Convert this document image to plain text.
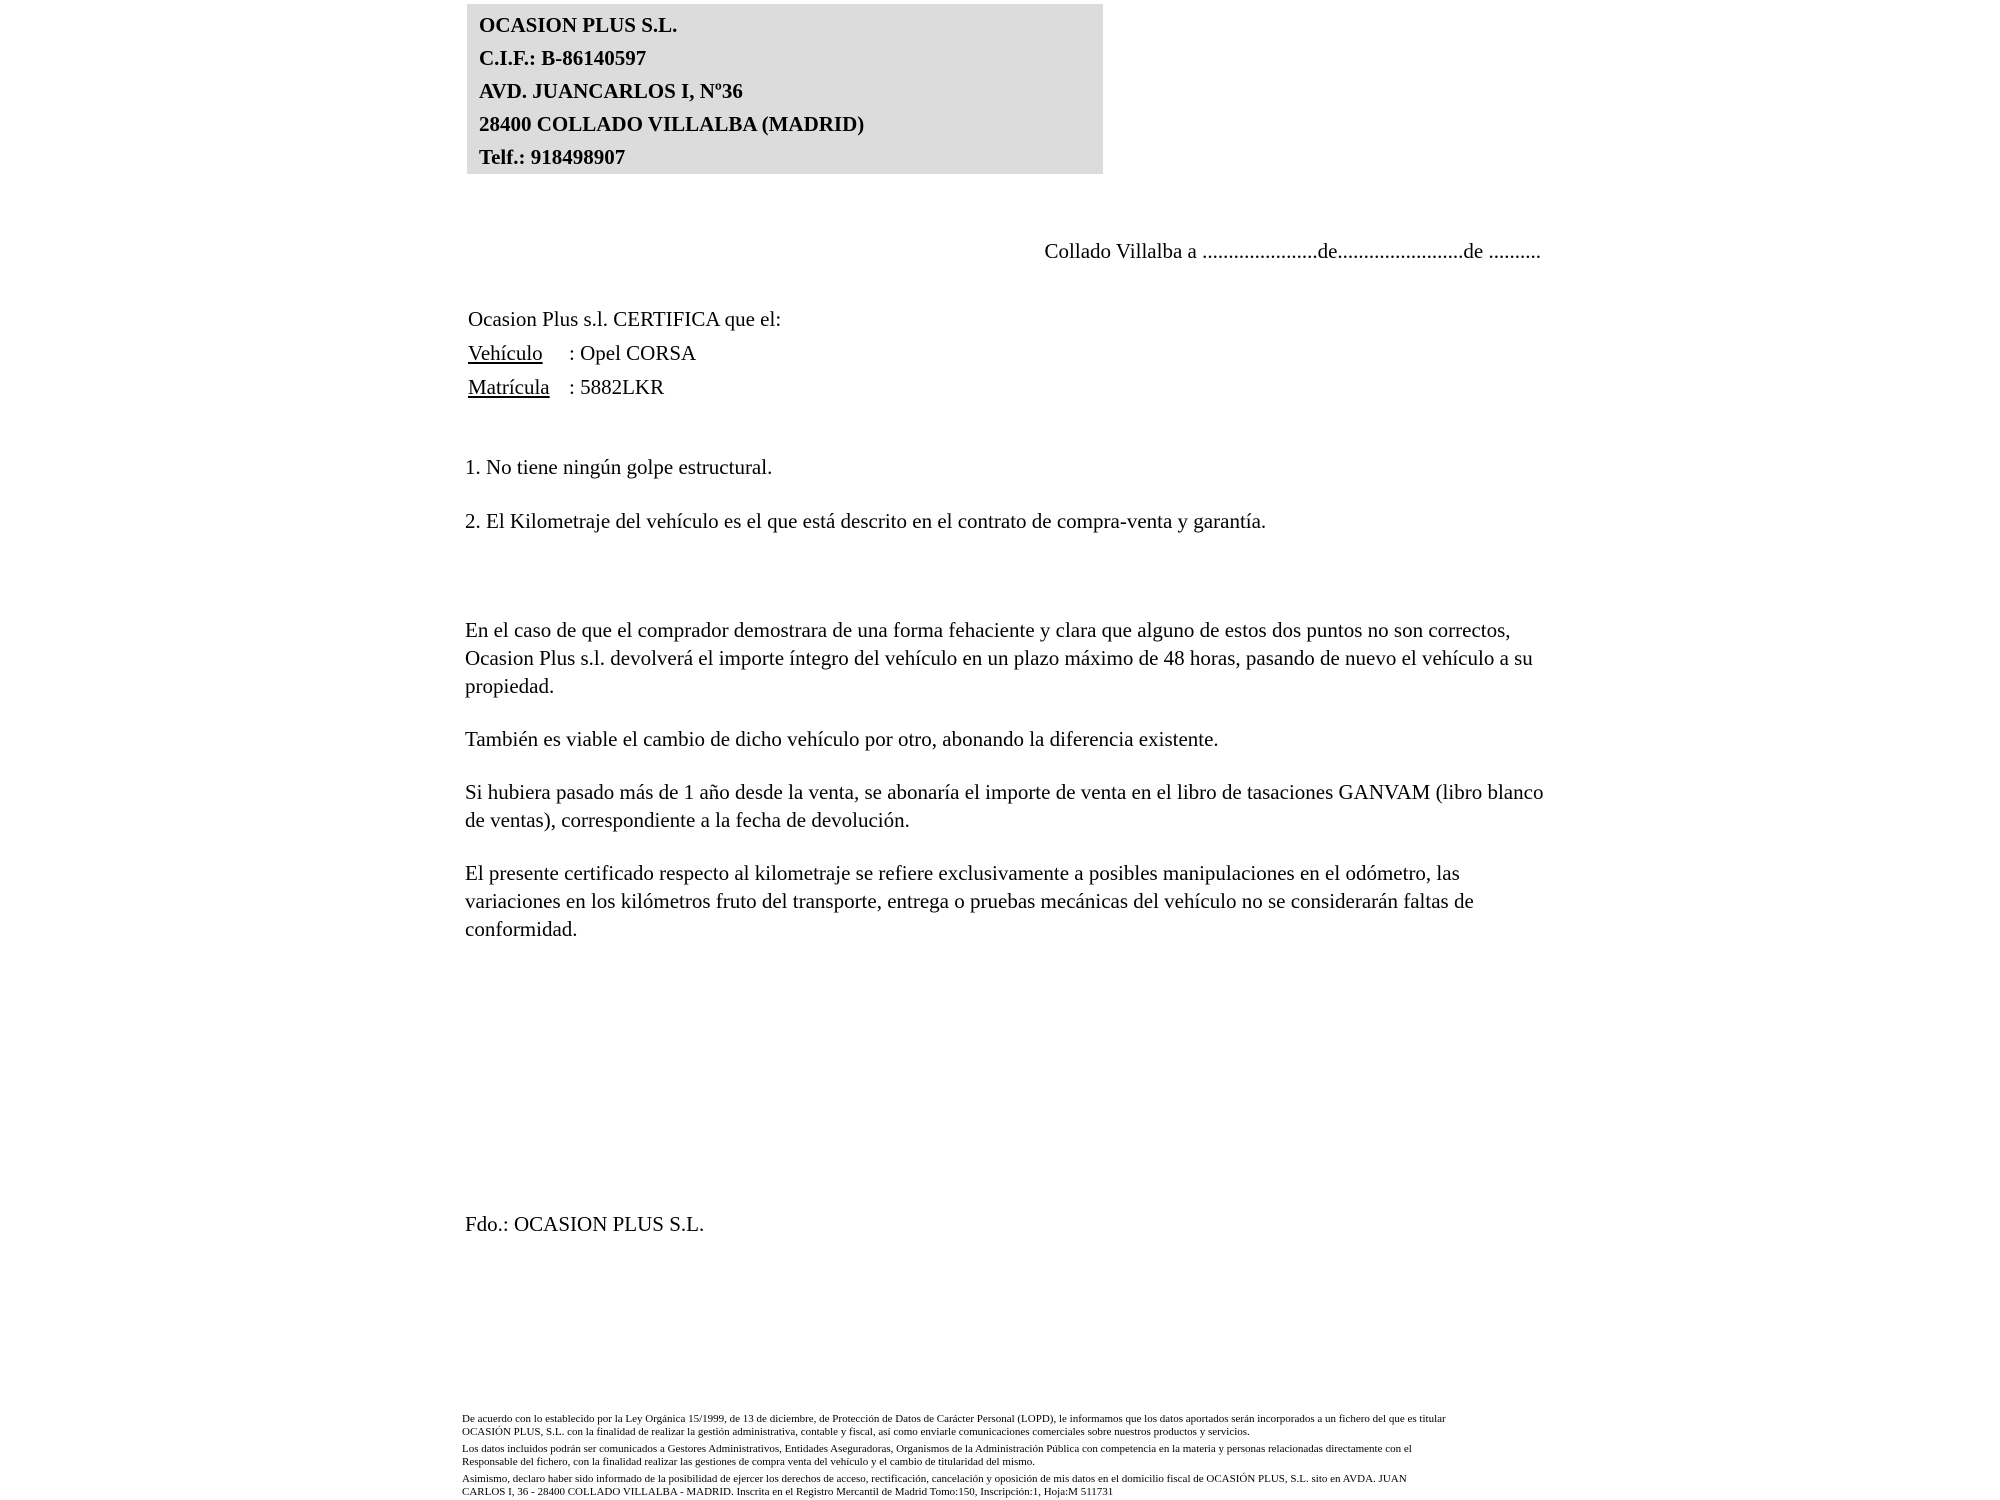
OCASION PLUS S.L.
C.I.F.: B-86140597
AVD. JUANCARLOS I, Nº36
28400 COLLADO VILLALBA (MADRID)
Telf.: 918498907
Collado Villalba a ......................de........................de ..........
Ocasion Plus s.l. CERTIFICA que el:
Vehículo : Opel CORSA
Matrícula : 5882LKR
1. No tiene ningún golpe estructural.
2. El Kilometraje del vehículo es el que está descrito en el contrato de compra-venta y garantía.

En el caso de que el comprador demostrara de una forma fehaciente y clara que alguno de estos dos puntos no son correctos, Ocasion Plus s.l. devolverá el importe íntegro del vehículo en un plazo máximo de 48 horas, pasando de nuevo el vehículo a su propiedad.

También es viable el cambio de dicho vehículo por otro, abonando la diferencia existente.

Si hubiera pasado más de 1 año desde la venta, se abonaría el importe de venta en el libro de tasaciones GANVAM (libro blanco de ventas), correspondiente a la fecha de devolución.

El presente certificado respecto al kilometraje se refiere exclusivamente a posibles manipulaciones en el odómetro, las variaciones en los kilómetros fruto del transporte, entrega o pruebas mecánicas del vehículo no se considerarán faltas de conformidad.

Fdo.: OCASION PLUS S.L.
De acuerdo con lo establecido por la Ley Orgánica 15/1999, de 13 de diciembre, de Protección de Datos de Carácter Personal (LOPD), le informamos que los datos aportados serán incorporados a un fichero del que es titular
OCASIÓN PLUS, S.L. con la finalidad de realizar la gestión administrativa, contable y fiscal, así como enviarle comunicaciones comerciales sobre nuestros productos y servicios.
Los datos incluidos podrán ser comunicados a Gestores Administrativos, Entidades Aseguradoras, Organismos de la Administración Pública con competencia en la materia y personas relacionadas directamente con el
Responsable del fichero, con la finalidad realizar las gestiones de compra venta del vehículo y el cambio de titularidad del mismo.
Asimismo, declaro haber sido informado de la posibilidad de ejercer los derechos de acceso, rectificación, cancelación y oposición de mis datos en el domicilio fiscal de OCASIÓN PLUS, S.L. sito en AVDA. JUAN
CARLOS I, 36 - 28400 COLLADO VILLALBA - MADRID. Inscrita en el Registro Mercantil de Madrid Tomo:150, Inscripción:1, Hoja:M 511731
